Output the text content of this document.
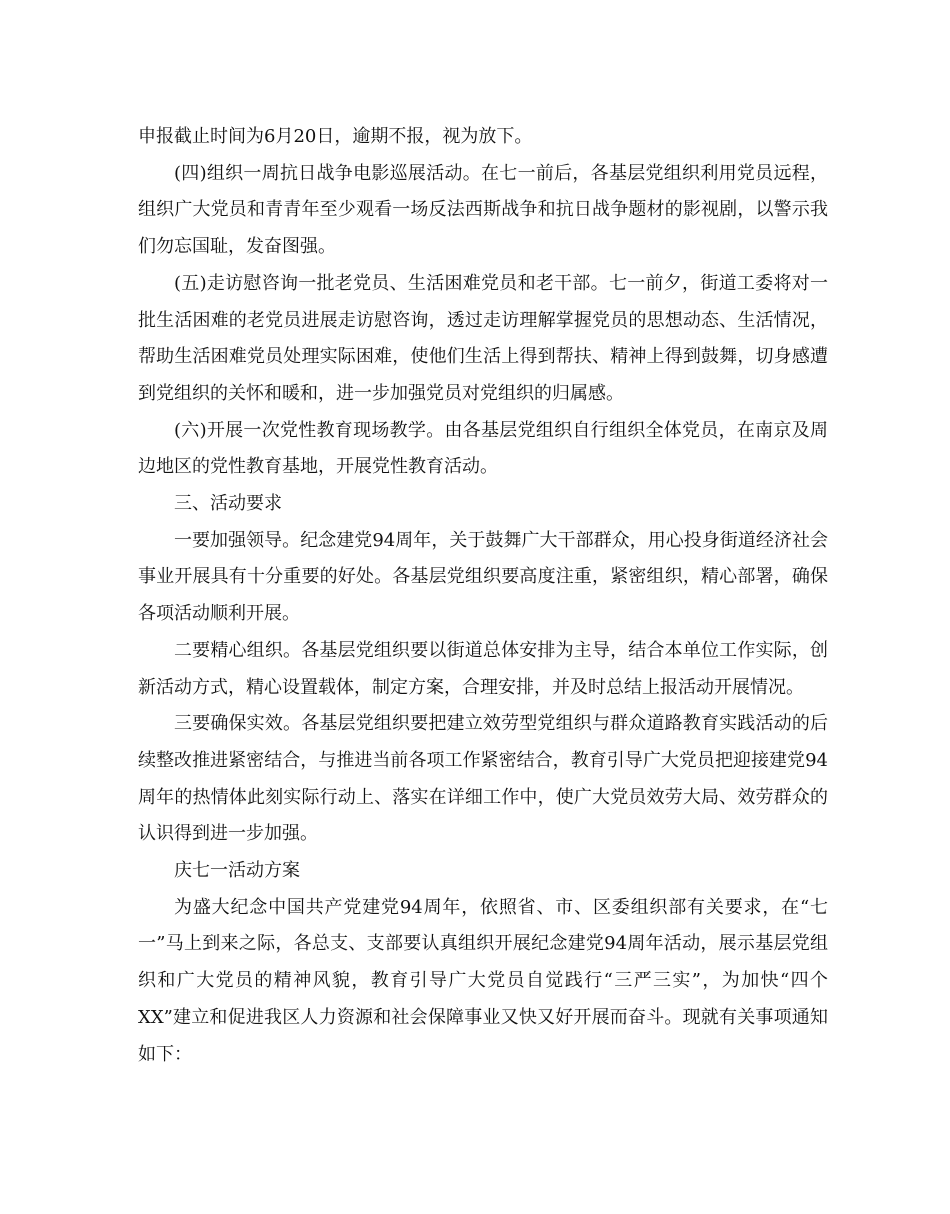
申报截止时间为6月20日，逾期不报，视为放下。

(四)组织一周抗日战争电影巡展活动。在七一前后，各基层党组织利用党员远程，组织广大党员和青青年至少观看一场反法西斯战争和抗日战争题材的影视剧，以警示我们勿忘国耻，发奋图强。

(五)走访慰咨询一批老党员、生活困难党员和老干部。七一前夕，街道工委将对一批生活困难的老党员进展走访慰咨询，透过走访理解掌握党员的思想动态、生活情况，帮助生活困难党员处理实际困难，使他们生活上得到帮扶、精神上得到鼓舞，切身感遭到党组织的关怀和暖和，进一步加强党员对党组织的归属感。

(六)开展一次党性教育现场教学。由各基层党组织自行组织全体党员，在南京及周边地区的党性教育基地，开展党性教育活动。

三、活动要求

一要加强领导。纪念建党94周年，关于鼓舞广大干部群众，用心投身街道经济社会事业开展具有十分重要的好处。各基层党组织要高度注重，紧密组织，精心部署，确保各项活动顺利开展。

二要精心组织。各基层党组织要以街道总体安排为主导，结合本单位工作实际，创新活动方式，精心设置载体，制定方案，合理安排，并及时总结上报活动开展情况。

三要确保实效。各基层党组织要把建立效劳型党组织与群众道路教育实践活动的后续整改推进紧密结合，与推进当前各项工作紧密结合，教育引导广大党员把迎接建党94周年的热情体此刻实际行动上、落实在详细工作中，使广大党员效劳大局、效劳群众的认识得到进一步加强。

庆七一活动方案

为盛大纪念中国共产党建党94周年，依照省、市、区委组织部有关要求，在“七一”马上到来之际，各总支、支部要认真组织开展纪念建党94周年活动，展示基层党组织和广大党员的精神风貌，教育引导广大党员自觉践行“三严三实”，为加快“四个XX”建立和促进我区人力资源和社会保障事业又快又好开展而奋斗。现就有关事项通知如下：
